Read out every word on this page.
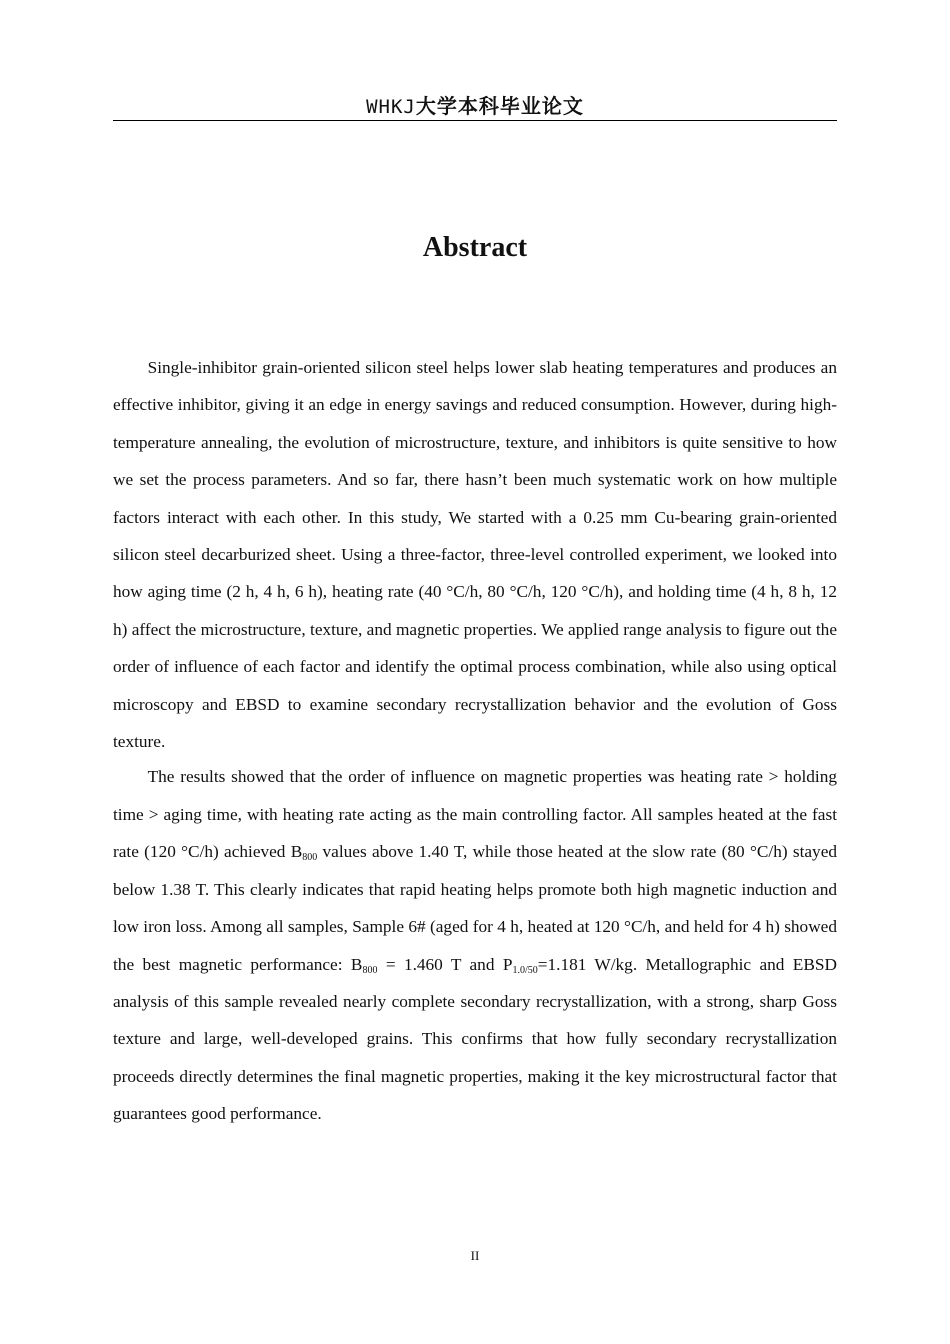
WHKJ大学本科毕业论文
Abstract

Single-inhibitor grain-oriented silicon steel helps lower slab heating temperatures and produces an effective inhibitor, giving it an edge in energy savings and reduced consumption. However, during high-temperature annealing, the evolution of microstructure, texture, and inhibitors is quite sensitive to how we set the process parameters. And so far, there hasn’t been much systematic work on how multiple factors interact with each other. In this study, We started with a 0.25 mm Cu-bearing grain-oriented silicon steel decarburized sheet. Using a three-factor, three-level controlled experiment, we looked into how aging time (2 h, 4 h, 6 h), heating rate (40 °C/h, 80 °C/h, 120 °C/h), and holding time (4 h, 8 h, 12 h) affect the microstructure, texture, and magnetic properties. We applied range analysis to figure out the order of influence of each factor and identify the optimal process combination, while also using optical microscopy and EBSD to examine secondary recrystallization behavior and the evolution of Goss texture.

The results showed that the order of influence on magnetic properties was heating rate > holding time > aging time, with heating rate acting as the main controlling factor. All samples heated at the fast rate (120 °C/h) achieved $B_{800}$ values above 1.40 T, while those heated at the slow rate (80 °C/h) stayed below 1.38 T. This clearly indicates that rapid heating helps promote both high magnetic induction and low iron loss. Among all samples, Sample 6# (aged for 4 h, heated at 120 °C/h, and held for 4 h) showed the best magnetic performance: $B_{800} = 1.460$ T and $P_{1.0/50}=1.181$ W/kg. Metallographic and EBSD analysis of this sample revealed nearly complete secondary recrystallization, with a strong, sharp Goss texture and large, well-developed grains. This confirms that how fully secondary recrystallization proceeds directly determines the final magnetic properties, making it the key microstructural factor that guarantees good performance.

II
